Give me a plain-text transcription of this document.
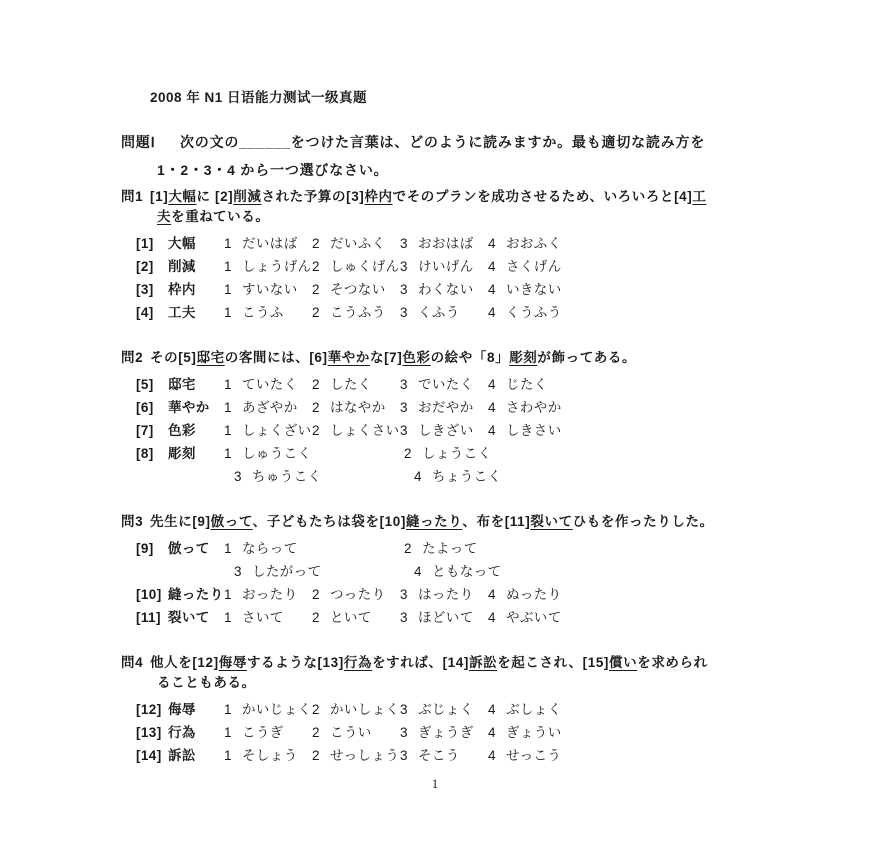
2008 年 N1 日语能力测试一级真题
問題Ⅰ 次の文の______をつけた言葉は、どのように読みますか。最も適切な読み方を
1・2・3・4 から一つ選びなさい。
問1 [1]大幅に [2]削減された予算の[3]枠内でそのプランを成功させるため、いろいろと[4]工
夫を重ねている。
[1] 大幅 1 だいはば 2 だいふく 3 おおはば 4 おおふく
[2] 削減 1 しょうげん2 しゅくげん3 けいげん 4 さくげん
[3] 枠内 1 すいない 2 そつない 3 わくない 4 いきない
[4] 工夫 1 こうふ 2 こうふう 3 くふう 4 くうふう
問2 その[5]邸宅の客間には、[6]華やかな[7]色彩の絵や「8」彫刻が飾ってある。
[5] 邸宅 1 ていたく 2 したく 3 でいたく 4 じたく
[6] 華やか 1 あざやか 2 はなやか 3 おだやか 4 さわやか
[7] 色彩 1 しょくざい2 しょくさい3 しきざい 4 しきさい
[8] 彫刻 1 しゅうこく	2 しょうこく
3 ちゅうこく	4 ちょうこく
問3 先生に[9]倣って、子どもたちは袋を[10]縫ったり、布を[11]裂いてひもを作ったりした。
[9] 倣って 1 ならって	2 たよって
3 したがって	4 ともなって
[10] 縫ったり1 おったり 2 つったり 3 はったり 4 ぬったり
[11] 裂いて 1 さいて 2 といて 3 ほどいて 4 やぶいて
問4 他人を[12]侮辱するような[13]行為をすれば、[14]訴訟を起こされ、[15]償いを求められ
ることもある。
[12] 侮辱 1 かいじょく2 かいしょく3 ぶじょく 4 ぶしょく
[13] 行為 1 こうぎ 2 こうい 3 ぎょうぎ 4 ぎょうい
[14] 訴訟 1 そしょう 2 せっしょう3 そこう 4 せっこう
1
